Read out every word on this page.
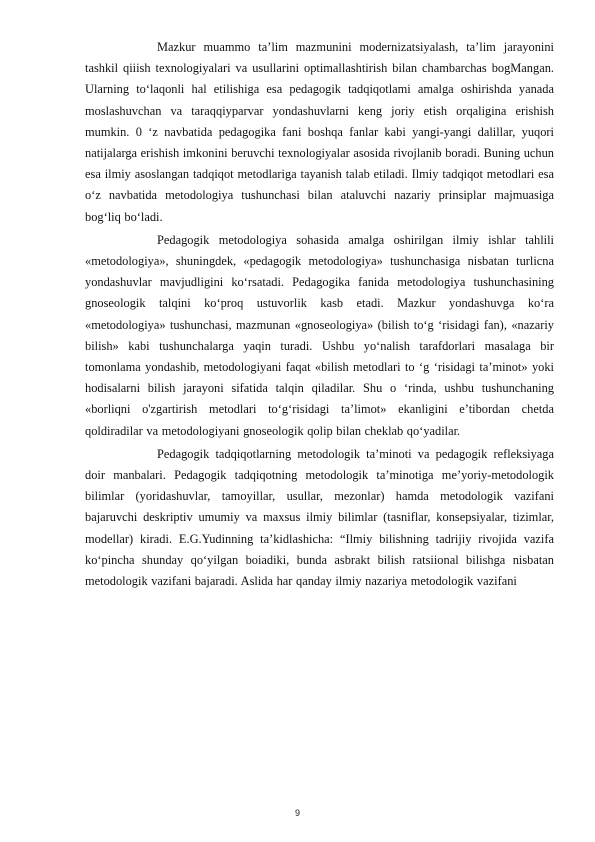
Mazkur muammo ta’lim mazmunini modernizatsiyalash, ta’lim jarayonini tashkil qiiish texnologiyalari va usullarini optimallashtirish bilan chambarchas bogMangan. Ularning to‘laqonli hal etilishiga esa pedagogik tadqiqotlami amalga oshirishda yanada moslashuvchan va taraqqiyparvar yondashuvlarni keng joriy etish orqaligina erishish mumkin. 0 ‘z navbatida pedagogika fani boshqa fanlar kabi yangi-yangi dalillar, yuqori natijalarga erishish imkonini beruvchi texnologiyalar asosida rivojlanib boradi. Buning uchun esa ilmiy asoslangan tadqiqot metodlariga tayanish talab etiladi. Ilmiy tadqiqot metodlari esa o‘z navbatida metodologiya tushunchasi bilan ataluvchi nazariy prinsiplar majmuasiga bog‘liq bo‘ladi.

Pedagogik metodologiya sohasida amalga oshirilgan ilmiy ishlar tahlili «metodologiya», shuningdek, «pedagogik metodologiya» tushunchasiga nisbatan turlicna yondashuvlar mavjudligini ko‘rsatadi. Pedagogika fanida metodologiya tushunchasining gnoseologik talqini ko‘proq ustuvorlik kasb etadi. Mazkur yondashuvga ko‘ra «metodologiya» tushunchasi, mazmunan «gnoseologiya» (bilish to‘g ‘risidagi fan), «nazariy bilish» kabi tushunchalarga yaqin turadi. Ushbu yo‘nalish tarafdorlari masalaga bir tomonlama yondashib, metodologiyani faqat «bilish metodlari to ‘g ‘risidagi ta’minot» yoki hodisalarni bilish jarayoni sifatida talqin qiladilar. Shu o ‘rinda, ushbu tushunchaning «borliqni o'zgartirish metodlari to‘g‘risidagi ta’limot» ekanligini e’tibordan chetda qoldiradilar va metodologiyani gnoseologik qolip bilan cheklab qo‘yadilar.

Pedagogik tadqiqotlarning metodologik ta’minoti va pedagogik refleksiyaga doir manbalari. Pedagogik tadqiqotning metodologik ta’minotiga me’yoriy-metodologik bilimlar (yoridashuvlar, tamoyillar, usullar, mezonlar) hamda metodologik vazifani bajaruvchi deskriptiv umumiy va maxsus ilmiy bilimlar (tasniflar, konsepsiyalar, tizimlar, modellar) kiradi. E.G.Yudinning ta’kidlashicha: “Ilmiy bilishning tadrijiy rivojida vazifa ko‘pincha shunday qo‘yilgan boiadiki, bunda asbrakt bilish ratsiional bilishga nisbatan metodologik vazifani bajaradi. Aslida har qanday ilmiy nazariya metodologik vazifani

9
